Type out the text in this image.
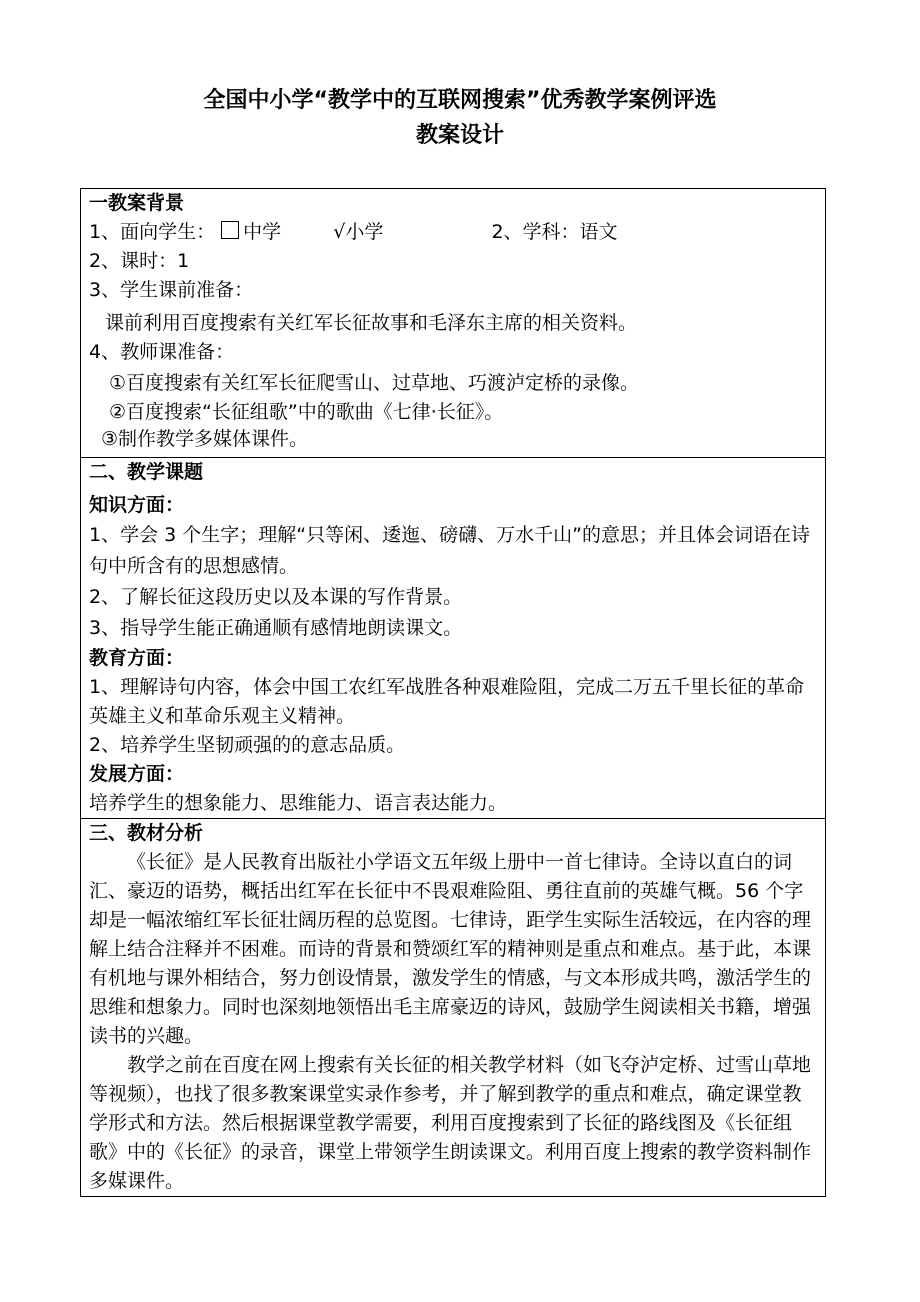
全国中小学“教学中的互联网搜索”优秀教学案例评选
教案设计
一教案背景
1、面向学生： 中学	√小学	2、学科：语文
2、课时：1
3、学生课前准备：
课前利用百度搜索有关红军长征故事和毛泽东主席的相关资料。
4、教师课准备：
①百度搜索有关红军长征爬雪山、过草地、巧渡泸定桥的录像。
②百度搜索“长征组歌”中的歌曲《七律·长征》。
③制作教学多媒体课件。

二、教学课题
知识方面：
1、学会 3 个生字；理解“只等闲、逶迤、磅礴、万水千山”的意思；并且体会词语在诗句中所含有的思想感情。
2、了解长征这段历史以及本课的写作背景。
3、指导学生能正确通顺有感情地朗读课文。
教育方面：
1、理解诗句内容，体会中国工农红军战胜各种艰难险阻，完成二万五千里长征的革命英雄主义和革命乐观主义精神。
2、培养学生坚韧顽强的的意志品质。
发展方面：
培养学生的想象能力、思维能力、语言表达能力。

三、教材分析
《长征》是人民教育出版社小学语文五年级上册中一首七律诗。全诗以直白的词汇、豪迈的语势，概括出红军在长征中不畏艰难险阻、勇往直前的英雄气概。56 个字却是一幅浓缩红军长征壮阔历程的总览图。七律诗，距学生实际生活较远，在内容的理解上结合注释并不困难。而诗的背景和赞颂红军的精神则是重点和难点。基于此，本课有机地与课外相结合，努力创设情景，激发学生的情感，与文本形成共鸣，激活学生的思维和想象力。同时也深刻地领悟出毛主席豪迈的诗风，鼓励学生阅读相关书籍，增强读书的兴趣。
教学之前在百度在网上搜索有关长征的相关教学材料（如飞夺泸定桥、过雪山草地等视频），也找了很多教案课堂实录作参考，并了解到教学的重点和难点，确定课堂教学形式和方法。然后根据课堂教学需要，利用百度搜索到了长征的路线图及《长征组歌》中的《长征》的录音，课堂上带领学生朗读课文。利用百度上搜索的教学资料制作多媒课件。
